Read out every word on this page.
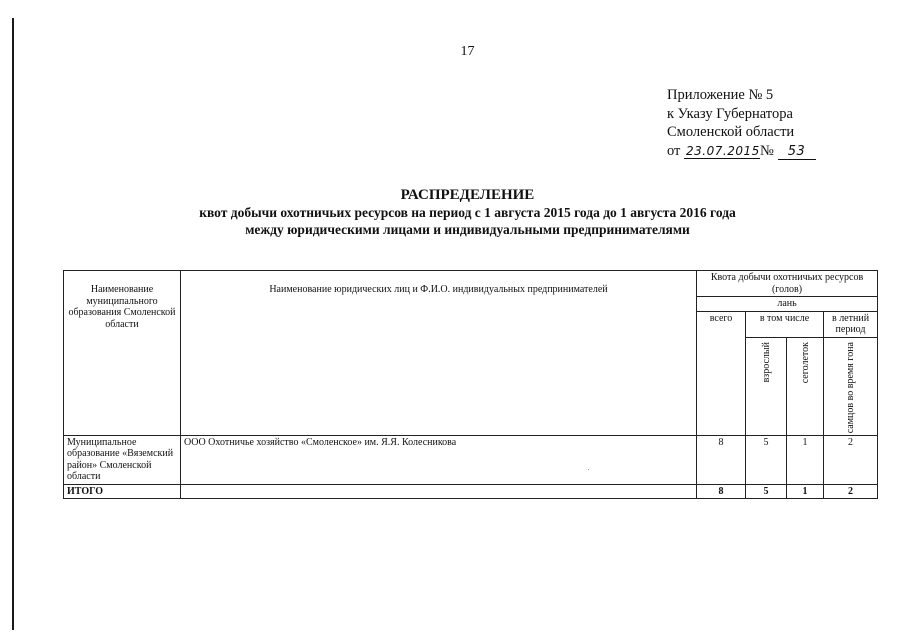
17
Приложение № 5
к Указу Губернатора
Смоленской области
от 23.07.2015№ 53
РАСПРЕДЕЛЕНИЕ
квот добычи охотничьих ресурсов на период с 1 августа 2015 года до 1 августа 2016 года
между юридическими лицами и индивидуальными предпринимателями
Наименование муниципального образования Смоленской области	Наименование юридических лиц и Ф.И.О. индивидуальных предпринимателей	Квота добычи охотничьих ресурсов (голов)			
		лань			
		всего	в том числе		в летний период

			взрослый	сеголеток	самцов во время гона

Муниципальное образование «Вяземский район» Смоленской области	ООО Охотничье хозяйство «Смоленское» им. Я.Я. Колесникова	8	5	1	2
ИТОГО		8	5	1	2
